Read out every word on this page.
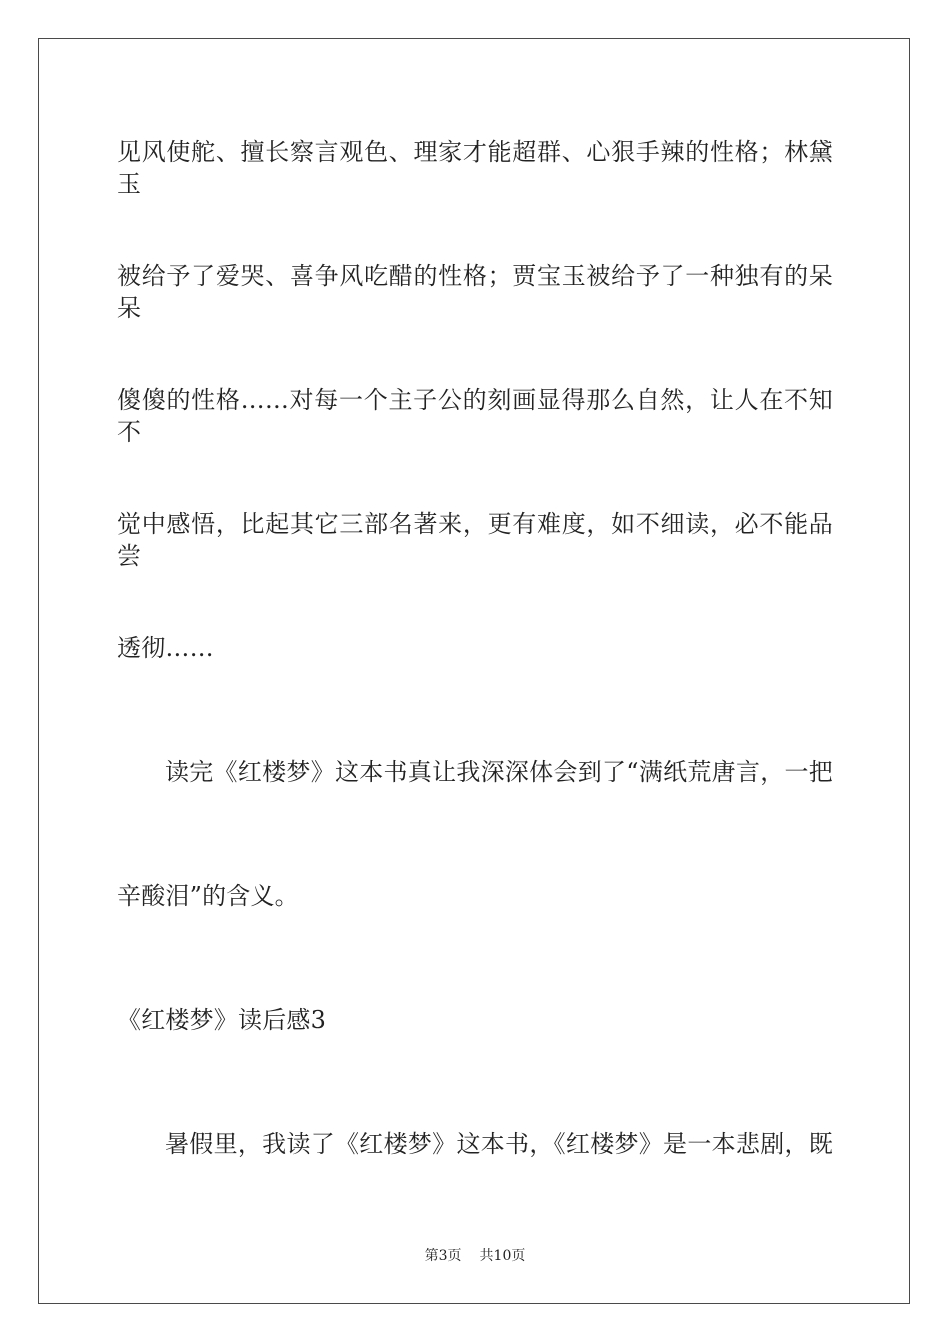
见风使舵、擅长察言观色、理家才能超群、心狠手辣的性格；林黛玉
被给予了爱哭、喜争风吃醋的性格；贾宝玉被给予了一种独有的呆呆
傻傻的性格……对每一个主子公的刻画显得那么自然，让人在不知不
觉中感悟，比起其它三部名著来，更有难度，如不细读，必不能品尝
透彻……
读完《红楼梦》这本书真让我深深体会到了“满纸荒唐言，一把
辛酸泪”的含义。
《红楼梦》读后感3
暑假里，我读了《红楼梦》这本书，《红楼梦》是一本悲剧，既
第3页 共10页
